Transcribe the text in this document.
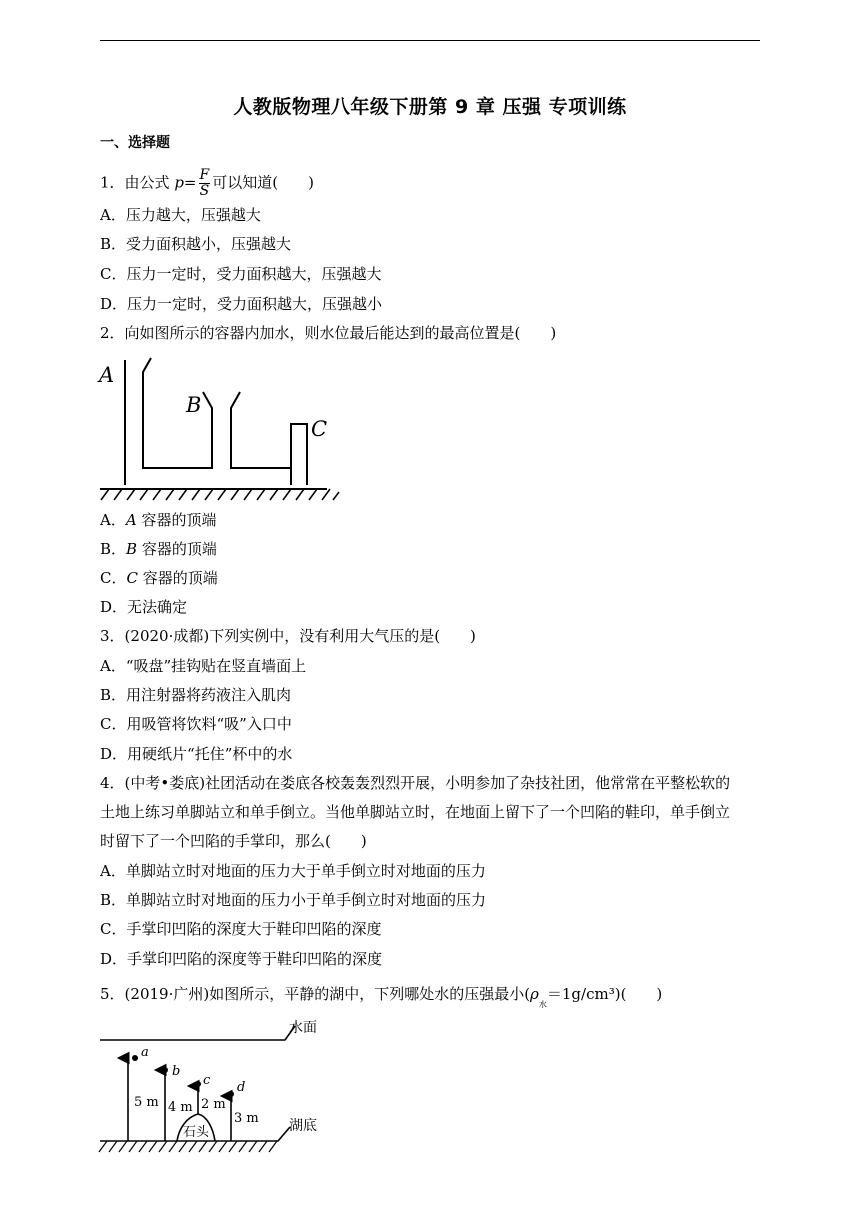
人教版物理八年级下册第 9 章 压强 专项训练
一、选择题
1．由公式 $p= \frac{F}{S}$ 可以知道(　　)
A．压力越大，压强越大
B．受力面积越小，压强越大
C．压力一定时，受力面积越大，压强越大
D．压力一定时，受力面积越大，压强越小
2．向如图所示的容器内加水，则水位最后能达到的最高位置是(　　)
A
B
C
A．A 容器的顶端
B．B 容器的顶端
C．C 容器的顶端
D．无法确定
3．(2020·成都)下列实例中，没有利用大气压的是(　　)
A．“吸盘”挂钩贴在竖直墙面上
B．用注射器将药液注入肌肉
C．用吸管将饮料“吸”入口中
D．用硬纸片“托住”杯中的水
4．(中考•娄底)社团活动在娄底各校轰轰烈烈开展，小明参加了杂技社团，他常常在平整松软的
土地上练习单脚站立和单手倒立。当他单脚站立时，在地面上留下了一个凹陷的鞋印，单手倒立
时留下了一个凹陷的手掌印，那么(　　)
A．单脚站立时对地面的压力大于单手倒立时对地面的压力
B．单脚站立时对地面的压力小于单手倒立时对地面的压力
C．手掌印凹陷的深度大于鞋印凹陷的深度
D．手掌印凹陷的深度等于鞋印凹陷的深度
5．(2019·广州)如图所示，平静的湖中，下列哪处水的压强最小$(\rho_水=1g/cm^3)$(　　)
水面
湖底
石头
a
b
c d
5 m 4 m 2 m
3 m
